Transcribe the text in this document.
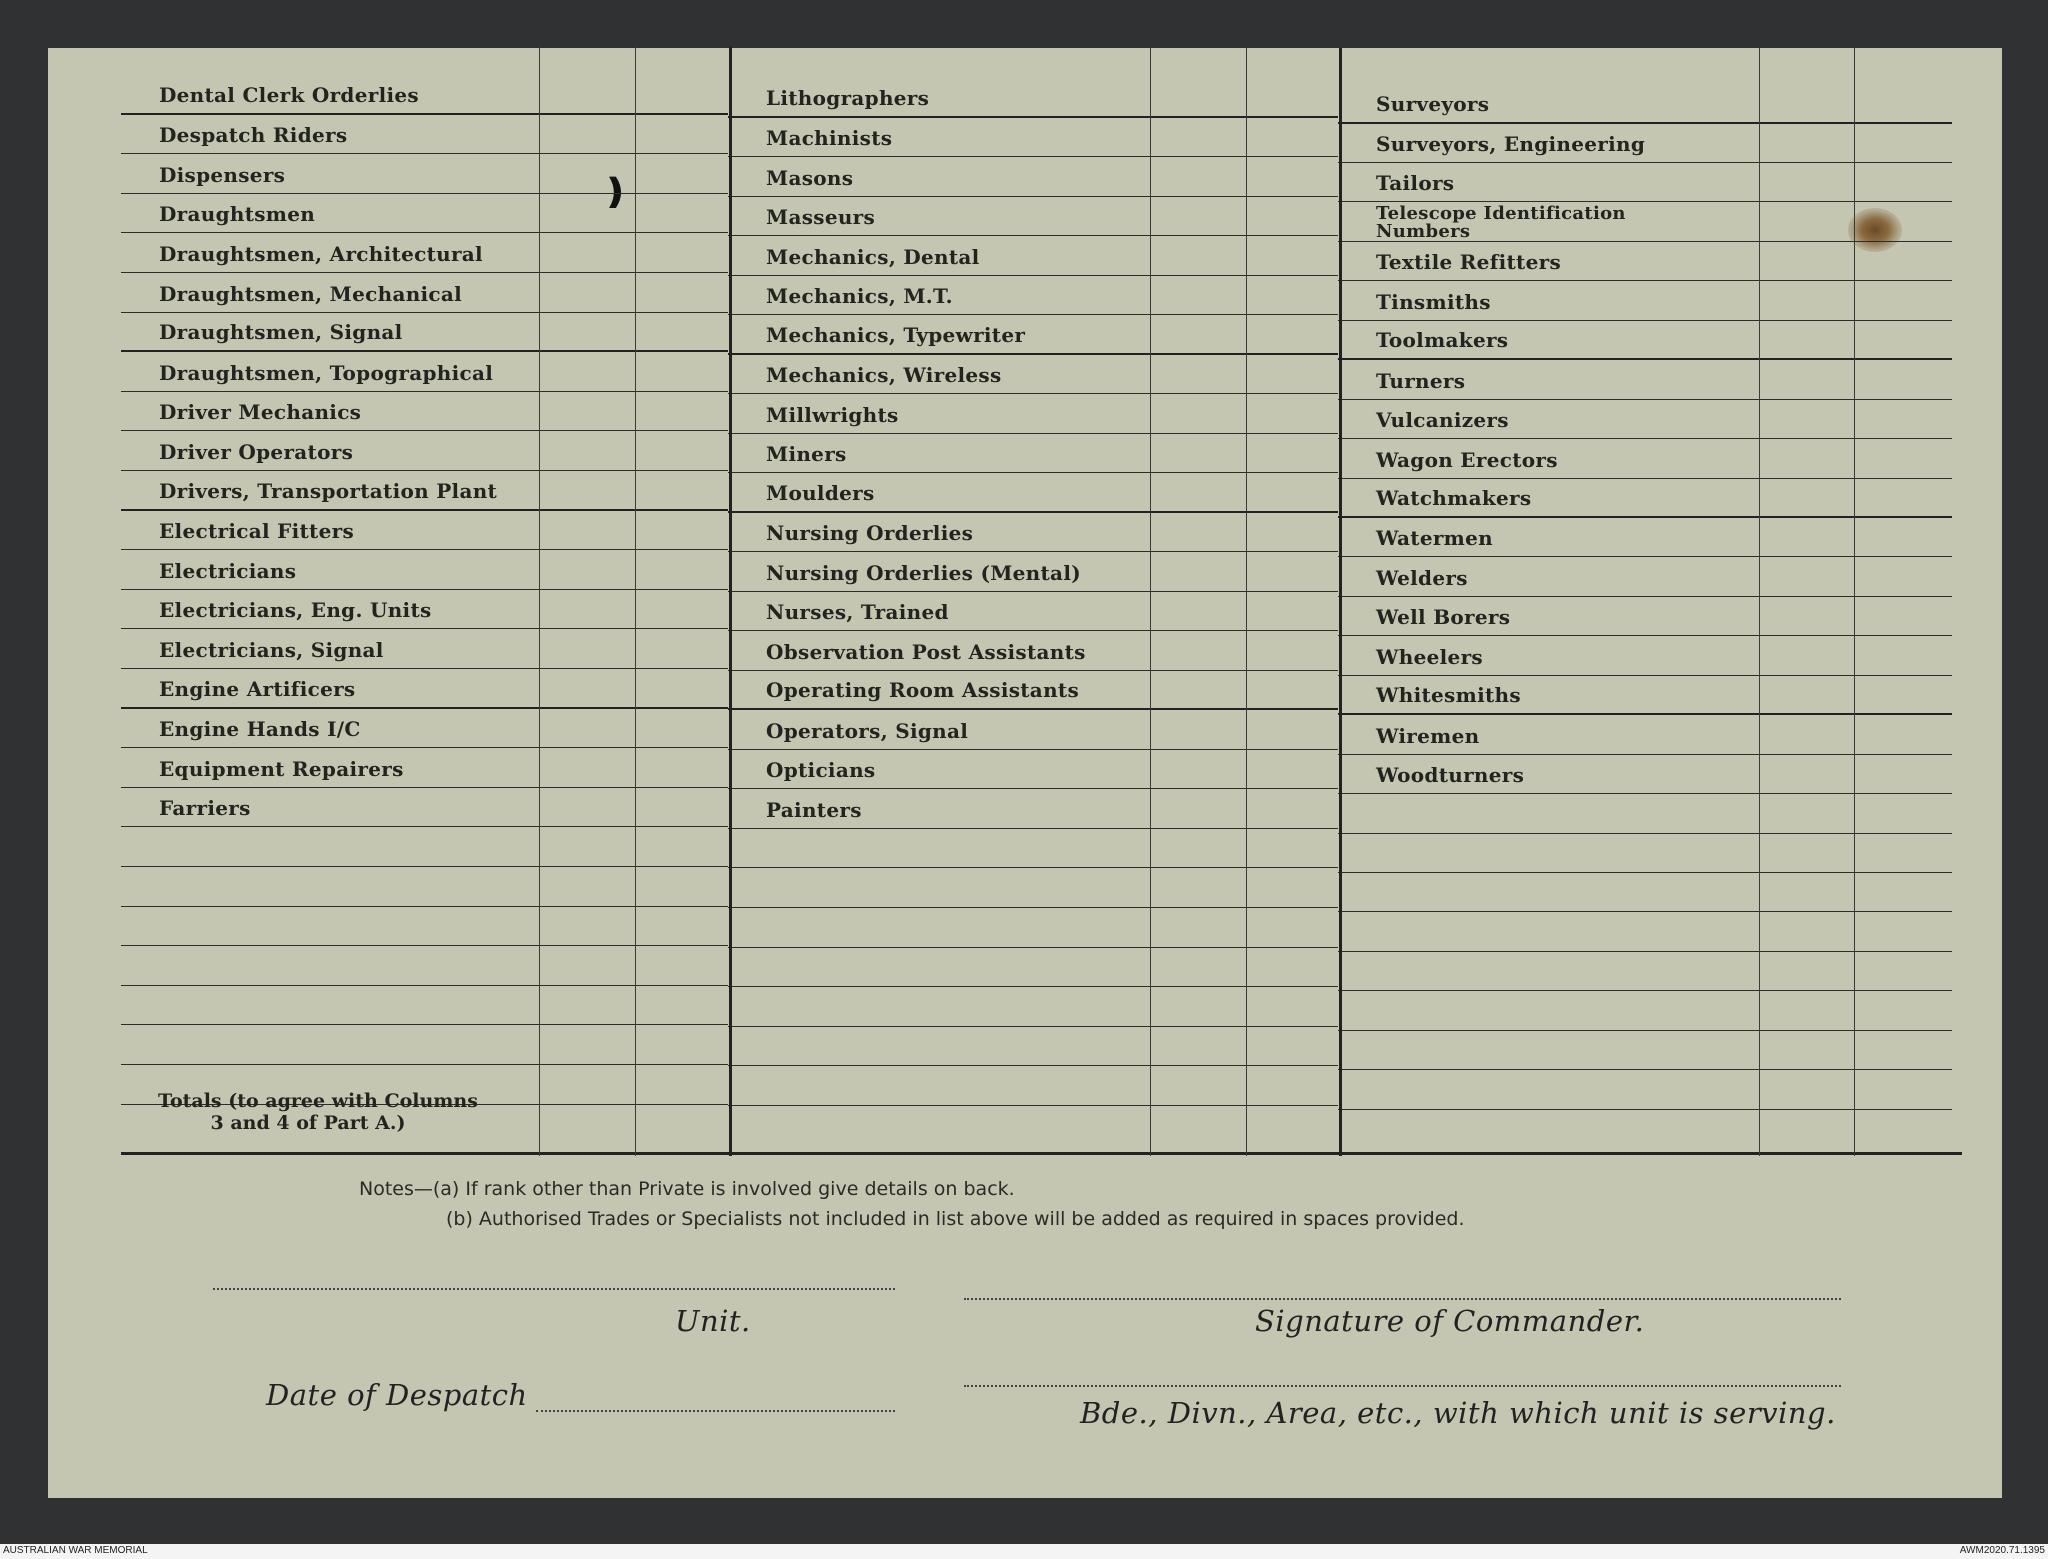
❫
Dental Clerk Orderlies
Despatch Riders
Dispensers
Draughtsmen
Draughtsmen, Architectural
Draughtsmen, Mechanical
Draughtsmen, Signal
Draughtsmen, Topographical
Driver Mechanics
Driver Operators
Drivers, Transportation Plant
Electrical Fitters
Electricians
Electricians, Eng. Units
Electricians, Signal
Engine Artificers
Engine Hands I/C
Equipment Repairers
Farriers
Lithographers
Machinists
Masons
Masseurs
Mechanics, Dental
Mechanics, M.T.
Mechanics, Typewriter
Mechanics, Wireless
Millwrights
Miners
Moulders
Nursing Orderlies
Nursing Orderlies (Mental)
Nurses, Trained
Observation Post Assistants
Operating Room Assistants
Operators, Signal
Opticians
Painters
Surveyors
Surveyors, Engineering
Tailors
Telescope Identification
Numbers
Textile Refitters
Tinsmiths
Toolmakers
Turners
Vulcanizers
Wagon Erectors
Watchmakers
Watermen
Welders
Well Borers
Wheelers
Whitesmiths
Wiremen
Woodturners
Totals (to agree with Columns
3 and 4 of Part A.)
Notes—(a) If rank other than Private is involved give details on back.
(b) Authorised Trades or Specialists not included in list above will be added as required in spaces provided.
Unit.	Signature of Commander.
Date of Despatch
Bde., Divn., Area, etc., with which unit is serving.
AUSTRALIAN WAR MEMORIAL	AWM2020.71.1395
